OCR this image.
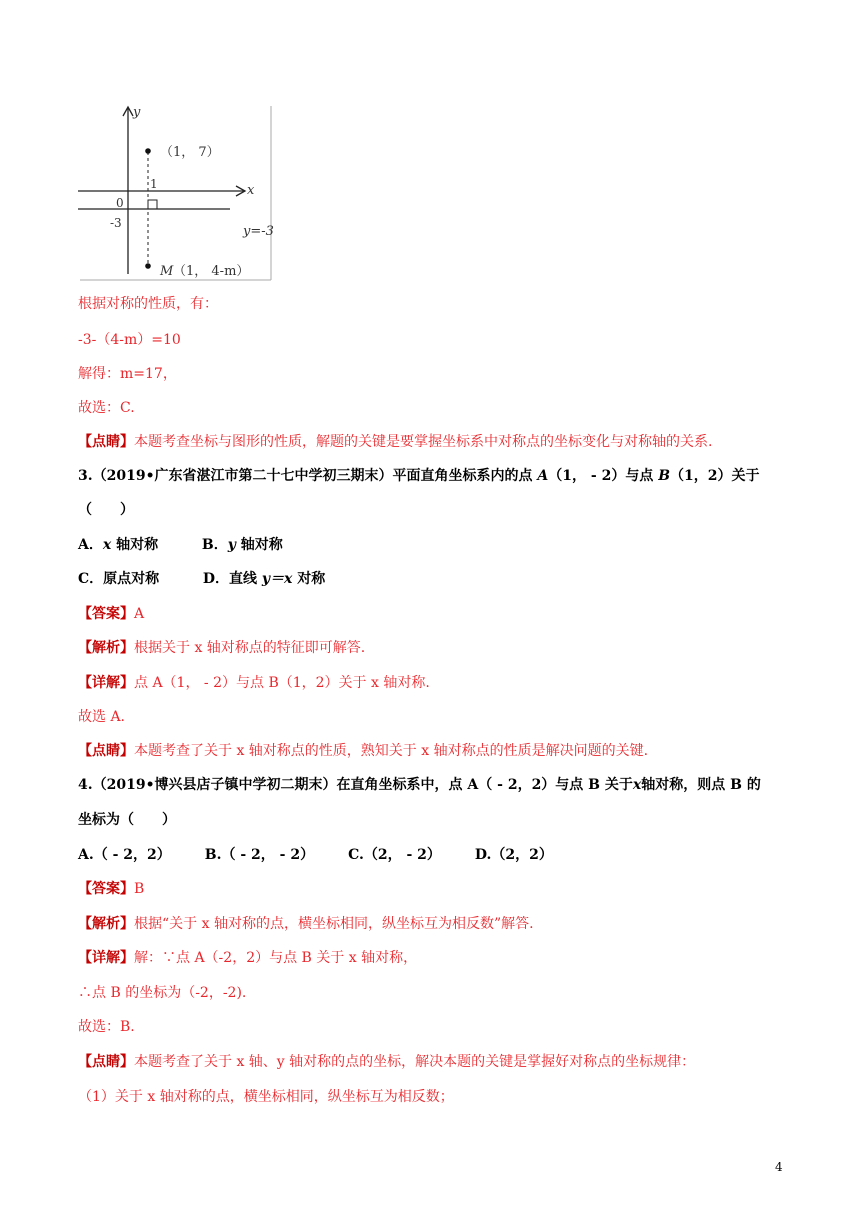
y
x
y=-3
0
-3
1
（1， 7）
M （1， 4-m）
根据对称的性质，有：
-3-（4-m）=10
解得：m=17，
故选：C.
【点睛】本题考查坐标与图形的性质，解题的关键是要掌握坐标系中对称点的坐标变化与对称轴的关系.
3.（2019•广东省湛江市第二十七中学初三期末）平面直角坐标系内的点 A（1， - 2）与点 B（1，2）关于
（　　）
A．x 轴对称	B．y 轴对称
C．原点对称	D．直线 y＝x 对称
【答案】A
【解析】根据关于 x 轴对称点的特征即可解答.
【详解】点 A（1， - 2）与点 B（1，2）关于 x 轴对称.
故选 A.
【点睛】本题考查了关于 x 轴对称点的性质，熟知关于 x 轴对称点的性质是解决问题的关键.
4.（2019•博兴县店子镇中学初二期末）在直角坐标系中，点 A（ - 2，2）与点 B 关于x轴对称，则点 B 的
坐标为（　　）
A.（ - 2，2） B.（ - 2， - 2） C.（2， - 2） D.（2，2）
【答案】B
【解析】根据“关于 x 轴对称的点，横坐标相同，纵坐标互为相反数”解答.
【详解】解：∵点 A（-2，2）与点 B 关于 x 轴对称，
∴点 B 的坐标为（-2，-2).
故选：B.
【点睛】本题考查了关于 x 轴、y 轴对称的点的坐标，解决本题的关键是掌握好对称点的坐标规律：
（1）关于 x 轴对称的点，横坐标相同，纵坐标互为相反数；
4
